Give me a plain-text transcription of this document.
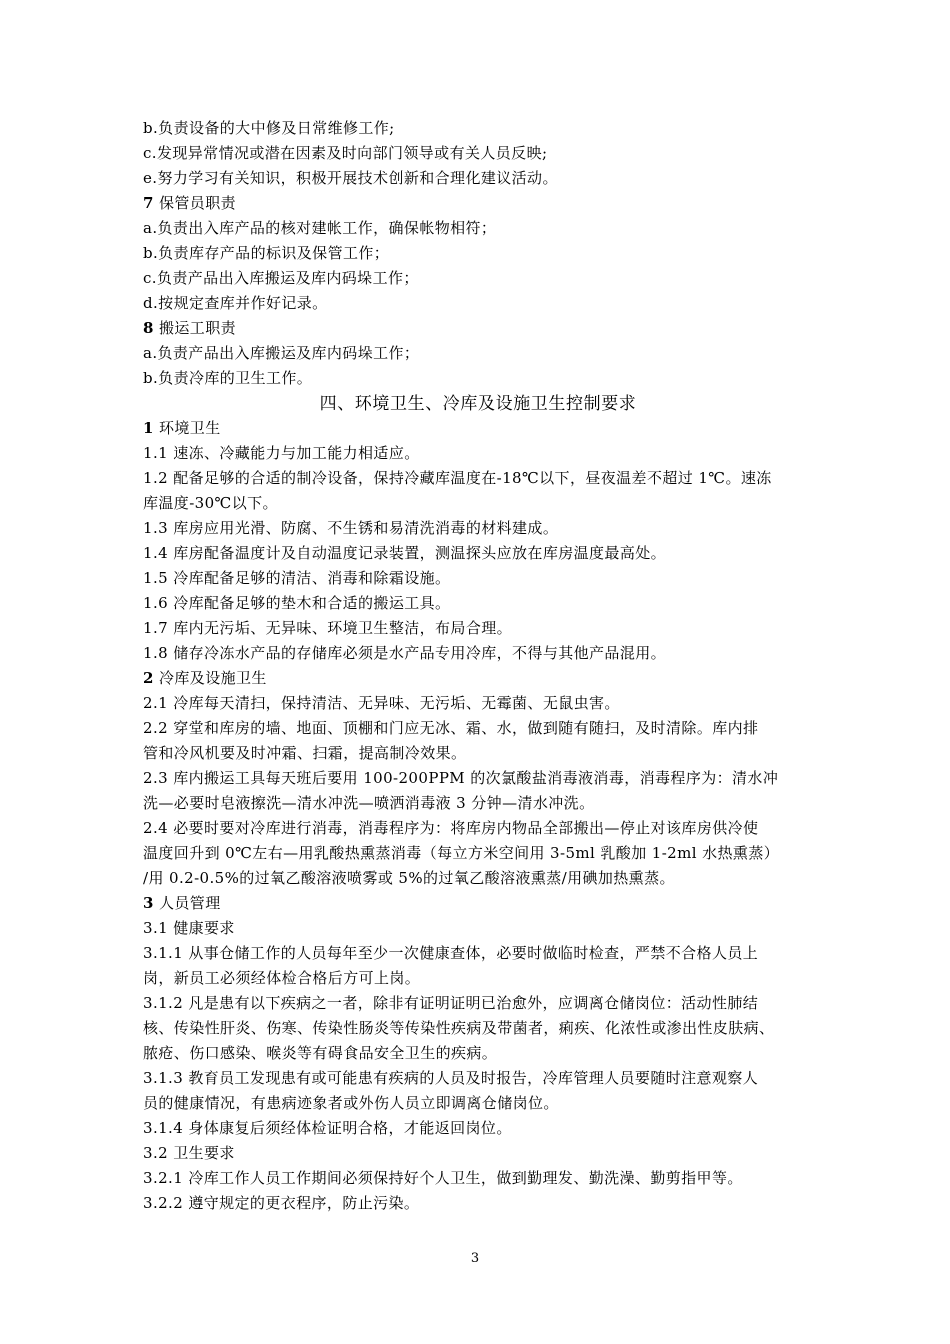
b.负责设备的大中修及日常维修工作;
c.发现异常情况或潜在因素及时向部门领导或有关人员反映;
e.努力学习有关知识，积极开展技术创新和合理化建议活动。
7 保管员职责
a.负责出入库产品的核对建帐工作，确保帐物相符；
b.负责库存产品的标识及保管工作；
c.负责产品出入库搬运及库内码垛工作；
d.按规定查库并作好记录。
8 搬运工职责
a.负责产品出入库搬运及库内码垛工作；
b.负责冷库的卫生工作。
四、环境卫生、冷库及设施卫生控制要求
1 环境卫生
1.1 速冻、冷藏能力与加工能力相适应。
1.2 配备足够的合适的制冷设备，保持冷藏库温度在-18℃以下，昼夜温差不超过 1℃。速冻
库温度-30℃以下。
1.3 库房应用光滑、防腐、不生锈和易清洗消毒的材料建成。
1.4 库房配备温度计及自动温度记录装置，测温探头应放在库房温度最高处。
1.5 冷库配备足够的清洁、消毒和除霜设施。
1.6 冷库配备足够的垫木和合适的搬运工具。
1.7 库内无污垢、无异味、环境卫生整洁，布局合理。
1.8 储存冷冻水产品的存储库必须是水产品专用冷库，不得与其他产品混用。
2 冷库及设施卫生
2.1 冷库每天清扫，保持清洁、无异味、无污垢、无霉菌、无鼠虫害。
2.2 穿堂和库房的墙、地面、顶棚和门应无冰、霜、水，做到随有随扫，及时清除。库内排
管和冷风机要及时冲霜、扫霜，提高制冷效果。
2.3 库内搬运工具每天班后要用 100-200PPM 的次氯酸盐消毒液消毒，消毒程序为：清水冲
洗—必要时皂液擦洗—清水冲洗—喷洒消毒液 3 分钟—清水冲洗。
2.4 必要时要对冷库进行消毒，消毒程序为：将库房内物品全部搬出—停止对该库房供冷使
温度回升到 0℃左右—用乳酸热熏蒸消毒（每立方米空间用 3-5ml 乳酸加 1-2ml 水热熏蒸）
/用 0.2-0.5%的过氧乙酸溶液喷雾或 5%的过氧乙酸溶液熏蒸/用碘加热熏蒸。
3 人员管理
3.1 健康要求
3.1.1 从事仓储工作的人员每年至少一次健康查体，必要时做临时检查，严禁不合格人员上
岗，新员工必须经体检合格后方可上岗。
3.1.2 凡是患有以下疾病之一者，除非有证明证明已治愈外，应调离仓储岗位：活动性肺结
核、传染性肝炎、伤寒、传染性肠炎等传染性疾病及带菌者，痢疾、化浓性或渗出性皮肤病、
脓疮、伤口感染、喉炎等有碍食品安全卫生的疾病。
3.1.3 教育员工发现患有或可能患有疾病的人员及时报告，冷库管理人员要随时注意观察人
员的健康情况，有患病迹象者或外伤人员立即调离仓储岗位。
3.1.4 身体康复后须经体检证明合格，才能返回岗位。
3.2 卫生要求
3.2.1 冷库工作人员工作期间必须保持好个人卫生，做到勤理发、勤洗澡、勤剪指甲等。
3.2.2 遵守规定的更衣程序，防止污染。
3
